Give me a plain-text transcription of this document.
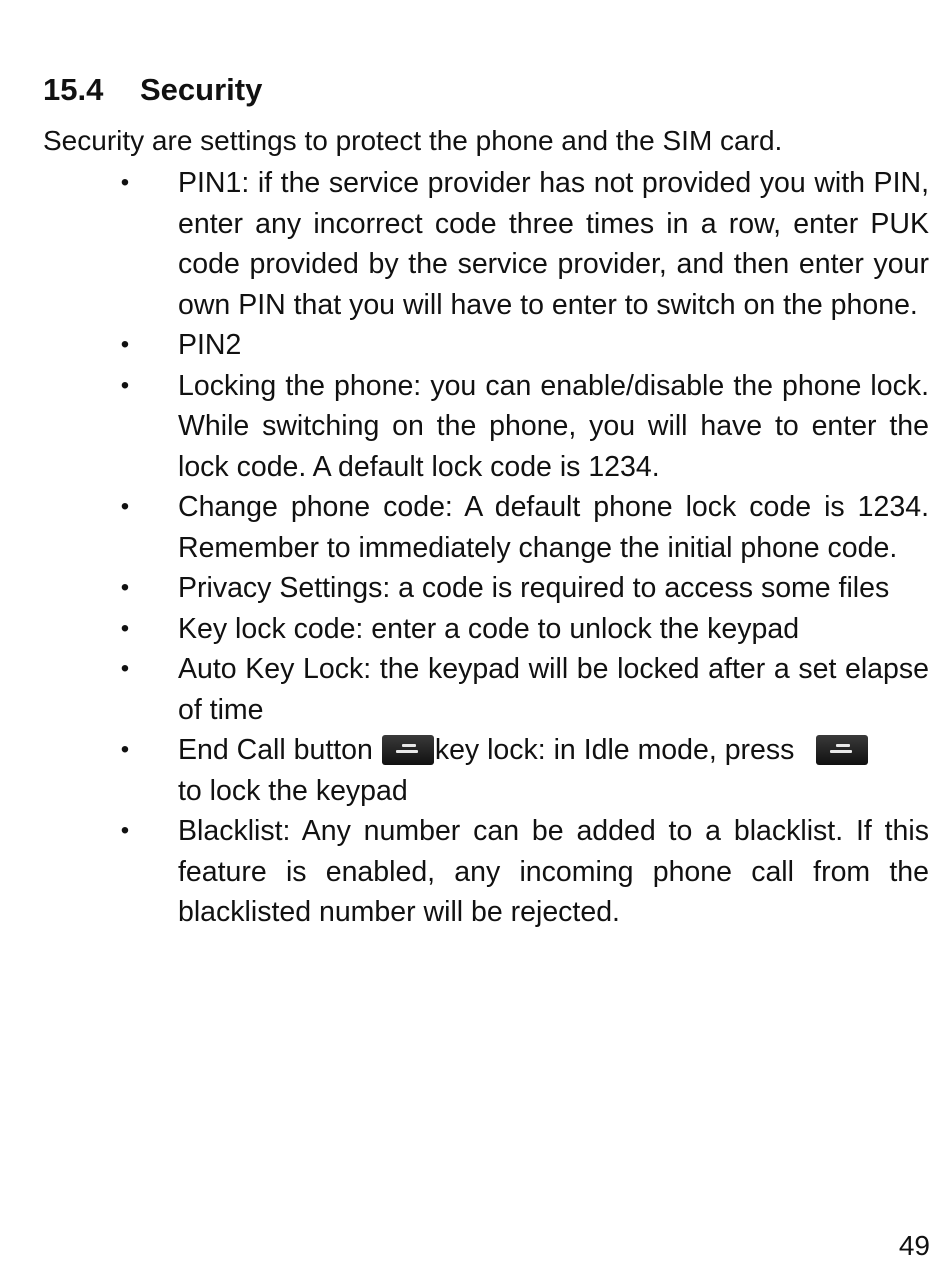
15.4 Security
Security are settings to protect the phone and the SIM card.
• PIN1: if the service provider has not provided you with PIN, enter any incorrect code three times in a row, enter PUK code provided by the service provider, and then enter your own PIN that you will have to enter to switch on the phone.
• PIN2
• Locking the phone: you can enable/disable the phone lock. While switching on the phone, you will have to enter the lock code. A default lock code is 1234.
• Change phone code: A default phone lock code is 1234. Remember to immediately change the initial phone code.
• Privacy Settings: a code is required to access some files
• Key lock code: enter a code to unlock the keypad
• Auto Key Lock: the keypad will be locked after a set elapse of time
• End Call button key lock: in Idle mode, press
to lock the keypad
• Blacklist: Any number can be added to a blacklist. If this feature is enabled, any incoming phone call from the blacklisted number will be rejected.
49
